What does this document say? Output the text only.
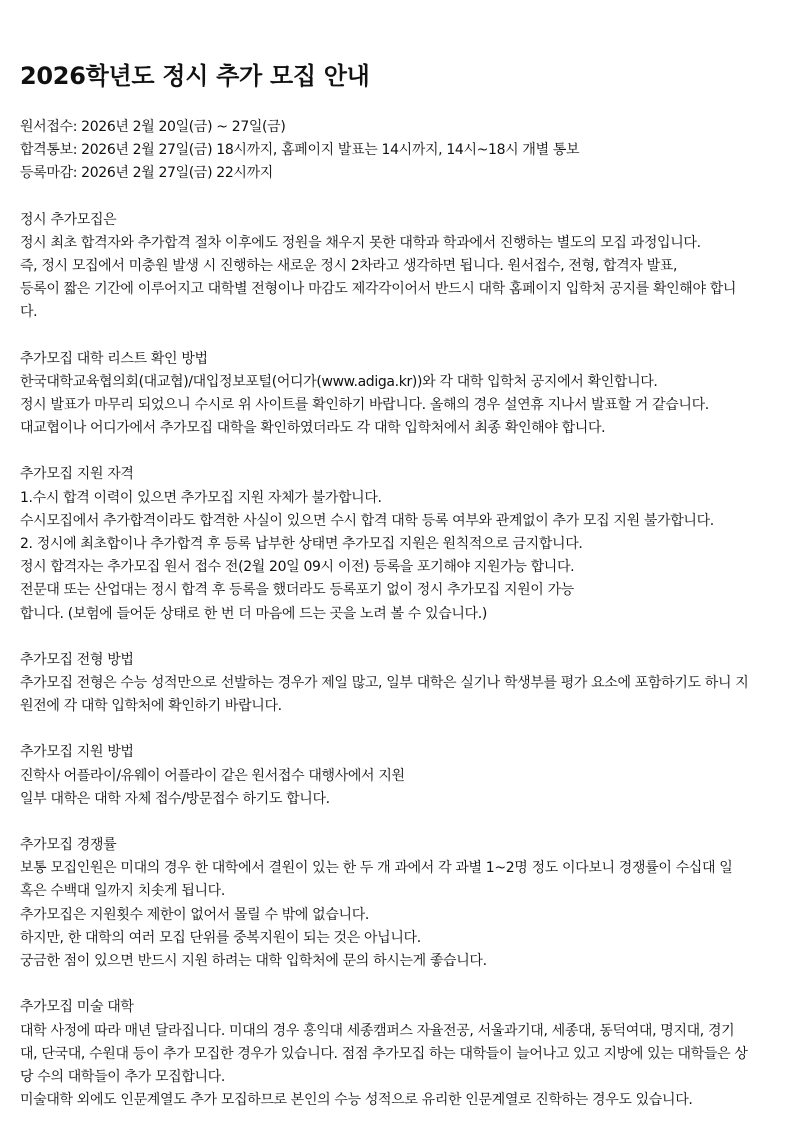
2026학년도 정시 추가 모집 안내
원서접수: 2026년 2월 20일(금) ~ 27일(금)
합격통보: 2026년 2월 27일(금) 18시까지, 홈페이지 발표는 14시까지, 14시~18시 개별 통보
등록마감: 2026년 2월 27일(금) 22시까지
정시 추가모집은
정시 최초 합격자와 추가합격 절차 이후에도 정원을 채우지 못한 대학과 학과에서 진행하는 별도의 모집 과정입니다.
즉, 정시 모집에서 미충원 발생 시 진행하는 새로운 정시 2차라고 생각하면 됩니다. 원서접수, 전형, 합격자 발표,
등록이 짧은 기간에 이루어지고 대학별 전형이나 마감도 제각각이어서 반드시 대학 홈페이지 입학처 공지를 확인해야 합니
다.
추가모집 대학 리스트 확인 방법
한국대학교육협의회(대교협)/대입정보포털(어디가(www.adiga.kr))와 각 대학 입학처 공지에서 확인합니다.
정시 발표가 마무리 되었으니 수시로 위 사이트를 확인하기 바랍니다. 올해의 경우 설연휴 지나서 발표할 거 같습니다.
대교협이나 어디가에서 추가모집 대학을 확인하였더라도 각 대학 입학처에서 최종 확인해야 합니다.
추가모집 지원 자격
1.수시 합격 이력이 있으면 추가모집 지원 자체가 불가합니다.
수시모집에서 추가합격이라도 합격한 사실이 있으면 수시 합격 대학 등록 여부와 관계없이 추가 모집 지원 불가합니다.
2. 정시에 최초합이나 추가합격 후 등록 납부한 상태면 추가모집 지원은 원칙적으로 금지합니다.
정시 합격자는 추가모집 원서 접수 전(2월 20일 09시 이전) 등록을 포기해야 지원가능 합니다.
전문대 또는 산업대는 정시 합격 후 등록을 했더라도 등록포기 없이 정시 추가모집 지원이 가능
합니다. (보험에 들어둔 상태로 한 번 더 마음에 드는 곳을 노려 볼 수 있습니다.)
추가모집 전형 방법
추가모집 전형은 수능 성적만으로 선발하는 경우가 제일 많고, 일부 대학은 실기나 학생부를 평가 요소에 포함하기도 하니 지
원전에 각 대학 입학처에 확인하기 바랍니다.
추가모집 지원 방법
진학사 어플라이/유웨이 어플라이 같은 원서접수 대행사에서 지원
일부 대학은 대학 자체 접수/방문접수 하기도 합니다.
추가모집 경쟁률
보통 모집인원은 미대의 경우 한 대학에서 결원이 있는 한 두 개 과에서 각 과별 1~2명 정도 이다보니 경쟁률이 수십대 일
혹은 수백대 일까지 치솟게 됩니다.
추가모집은 지원횟수 제한이 없어서 몰릴 수 밖에 없습니다.
하지만, 한 대학의 여러 모집 단위를 중복지원이 되는 것은 아닙니다.
궁금한 점이 있으면 반드시 지원 하려는 대학 입학처에 문의 하시는게 좋습니다.
추가모집 미술 대학
대학 사정에 따라 매년 달라집니다. 미대의 경우 홍익대 세종캠퍼스 자율전공, 서울과기대, 세종대, 동덕여대, 명지대, 경기
대, 단국대, 수원대 등이 추가 모집한 경우가 있습니다. 점점 추가모집 하는 대학들이 늘어나고 있고 지방에 있는 대학들은 상
당 수의 대학들이 추가 모집합니다.
미술대학 외에도 인문계열도 추가 모집하므로 본인의 수능 성적으로 유리한 인문계열로 진학하는 경우도 있습니다.
